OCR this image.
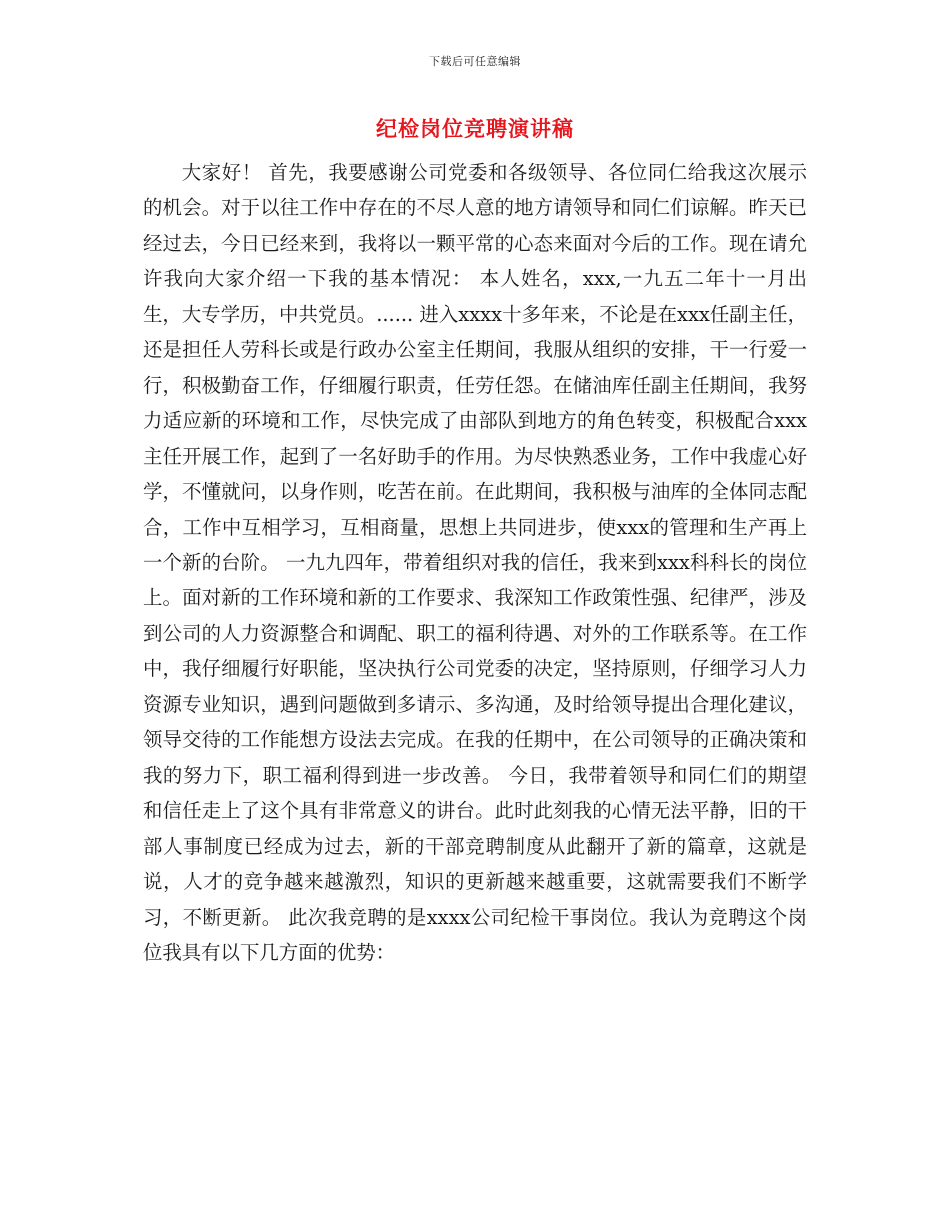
下载后可任意编辑
纪检岗位竞聘演讲稿

大家好！ 首先，我要感谢公司党委和各级领导、各位同仁给我这次展示的机会。对于以往工作中存在的不尽人意的地方请领导和同仁们谅解。昨天已经过去，今日已经来到，我将以一颗平常的心态来面对今后的工作。现在请允许我向大家介绍一下我的基本情况： 本人姓名，xxx,一九五二年十一月出生，大专学历，中共党员。...... 进入xxxx十多年来，不论是在xxx任副主任，还是担任人劳科长或是行政办公室主任期间，我服从组织的安排，干一行爱一行，积极勤奋工作，仔细履行职责，任劳任怨。在储油库任副主任期间，我努力适应新的环境和工作，尽快完成了由部队到地方的角色转变，积极配合xxx主任开展工作，起到了一名好助手的作用。为尽快熟悉业务，工作中我虚心好学，不懂就问，以身作则，吃苦在前。在此期间，我积极与油库的全体同志配合，工作中互相学习，互相商量，思想上共同进步，使xxx的管理和生产再上一个新的台阶。 一九九四年，带着组织对我的信任，我来到xxx科科长的岗位上。面对新的工作环境和新的工作要求、我深知工作政策性强、纪律严，涉及到公司的人力资源整合和调配、职工的福利待遇、对外的工作联系等。在工作中，我仔细履行好职能，坚决执行公司党委的决定，坚持原则，仔细学习人力资源专业知识，遇到问题做到多请示、多沟通，及时给领导提出合理化建议，领导交待的工作能想方设法去完成。在我的任期中，在公司领导的正确决策和我的努力下，职工福利得到进一步改善。 今日，我带着领导和同仁们的期望和信任走上了这个具有非常意义的讲台。此时此刻我的心情无法平静，旧的干部人事制度已经成为过去，新的干部竞聘制度从此翻开了新的篇章，这就是说，人才的竞争越来越激烈，知识的更新越来越重要，这就需要我们不断学习，不断更新。 此次我竞聘的是xxxx公司纪检干事岗位。我认为竞聘这个岗位我具有以下几方面的优势：
